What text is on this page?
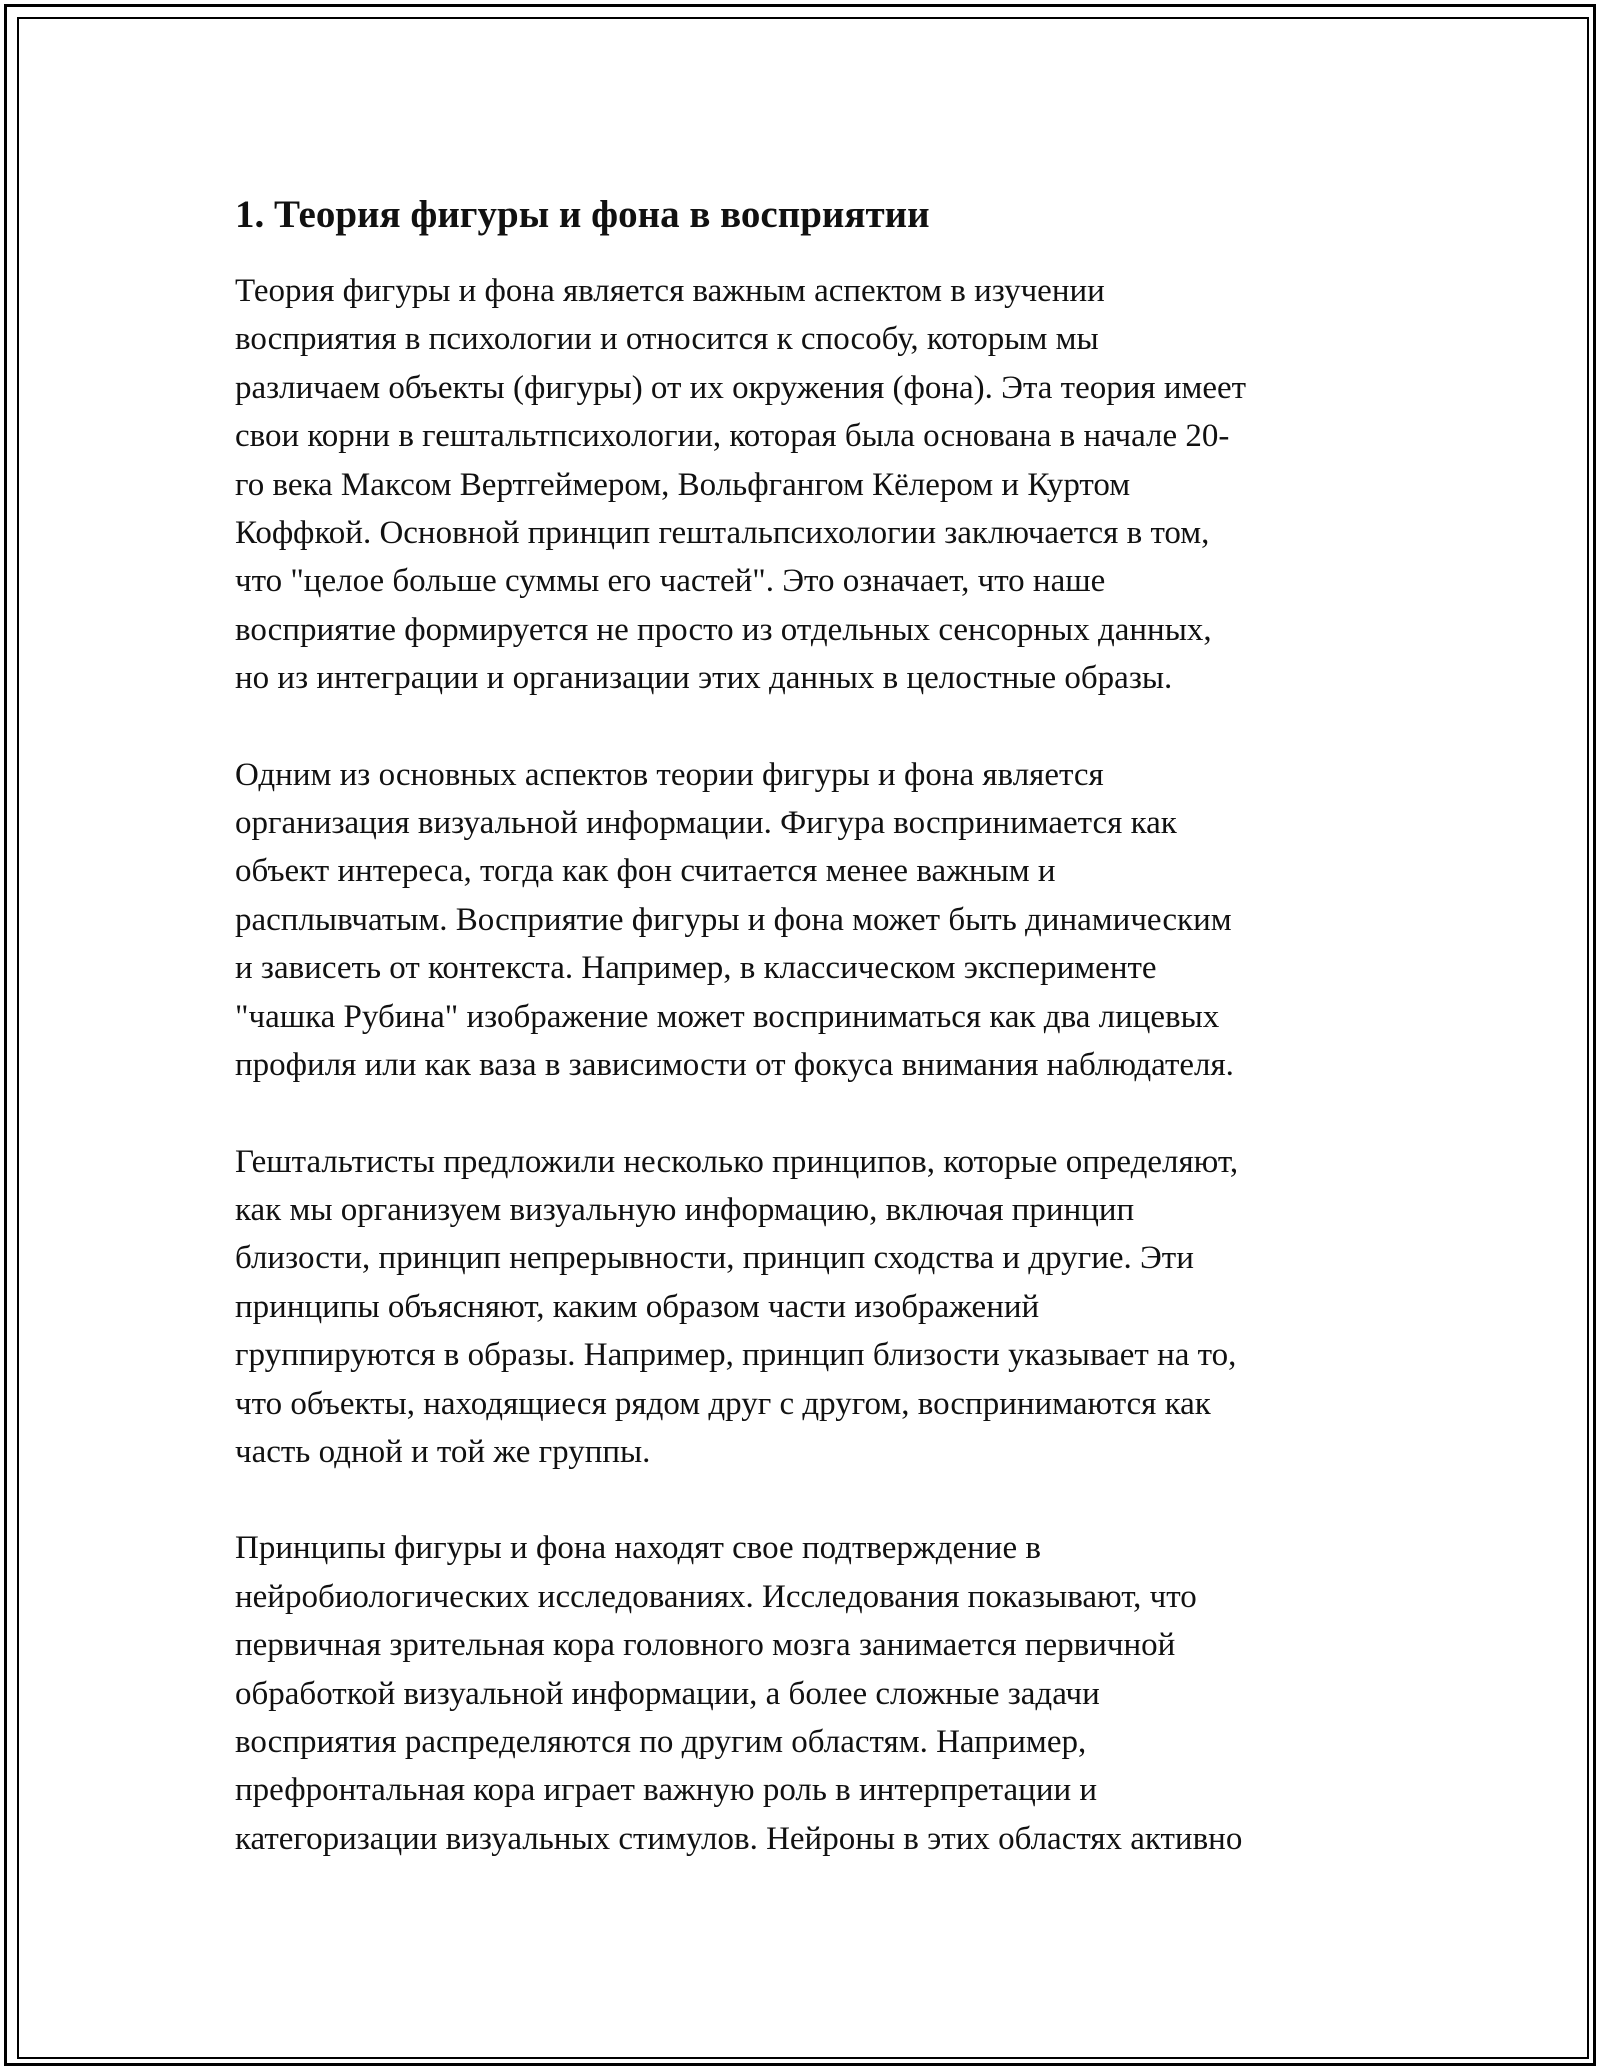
1. Теория фигуры и фона в восприятии

Теория фигуры и фона является важным аспектом в изучении
восприятия в психологии и относится к способу, которым мы
различаем объекты (фигуры) от их окружения (фона). Эта теория имеет
свои корни в гештальтпсихологии, которая была основана в начале 20-
го века Максом Вертгеймером, Вольфгангом Кёлером и Куртом
Коффкой. Основной принцип гештальпсихологии заключается в том,
что "целое больше суммы его частей". Это означает, что наше
восприятие формируется не просто из отдельных сенсорных данных,
но из интеграции и организации этих данных в целостные образы.

Одним из основных аспектов теории фигуры и фона является
организация визуальной информации. Фигура воспринимается как
объект интереса, тогда как фон считается менее важным и
расплывчатым. Восприятие фигуры и фона может быть динамическим
и зависеть от контекста. Например, в классическом эксперименте
"чашка Рубина" изображение может восприниматься как два лицевых
профиля или как ваза в зависимости от фокуса внимания наблюдателя.

Гештальтисты предложили несколько принципов, которые определяют,
как мы организуем визуальную информацию, включая принцип
близости, принцип непрерывности, принцип сходства и другие. Эти
принципы объясняют, каким образом части изображений
группируются в образы. Например, принцип близости указывает на то,
что объекты, находящиеся рядом друг с другом, воспринимаются как
часть одной и той же группы.

Принципы фигуры и фона находят свое подтверждение в
нейробиологических исследованиях. Исследования показывают, что
первичная зрительная кора головного мозга занимается первичной
обработкой визуальной информации, а более сложные задачи
восприятия распределяются по другим областям. Например,
префронтальная кора играет важную роль в интерпретации и
категоризации визуальных стимулов. Нейроны в этих областях активно
